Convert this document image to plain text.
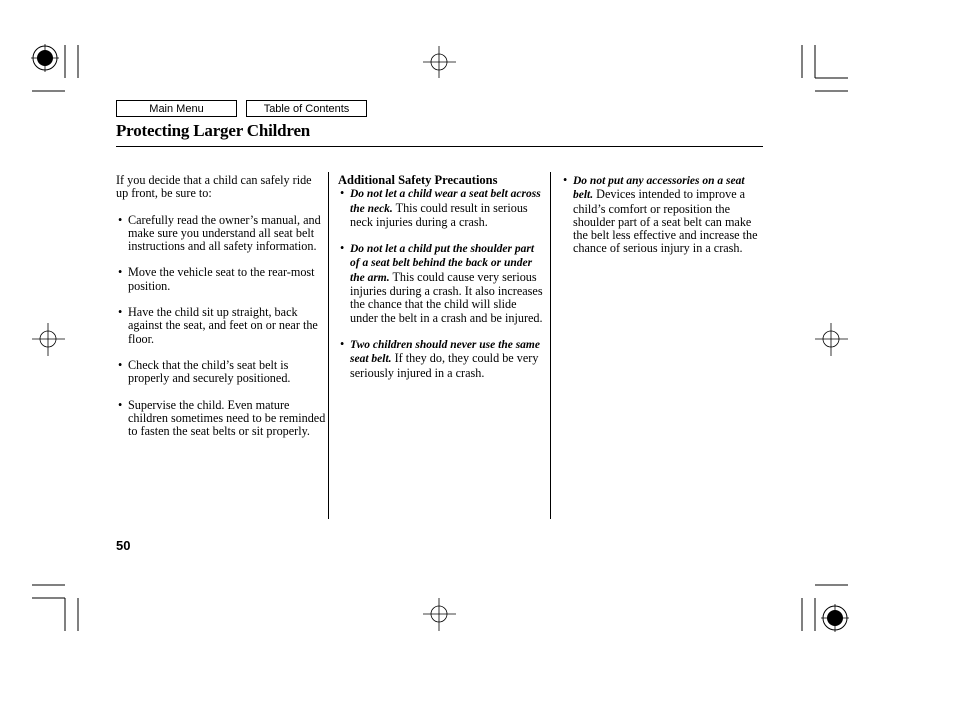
Main Menu	Table of Contents
Protecting Larger Children

If you decide that a child can safely ride up front, be sure to:

• Carefully read the owner’s manual, and make sure you understand all seat belt instructions and all safety information.

• Move the vehicle seat to the rear-most position.

• Have the child sit up straight, back against the seat, and feet on or near the floor.

• Check that the child’s seat belt is properly and securely positioned.

• Supervise the child. Even mature children sometimes need to be reminded to fasten the seat belts or sit properly.

Additional Safety Precautions

• Do not let a child wear a seat belt across the neck. This could result in serious neck injuries during a crash.

• Do not let a child put the shoulder part of a seat belt behind the back or under the arm. This could cause very serious injuries during a crash. It also increases the chance that the child will slide under the belt in a crash and be injured.

• Two children should never use the same seat belt. If they do, they could be very seriously injured in a crash.

• Do not put any accessories on a seat belt. Devices intended to improve a child’s comfort or reposition the shoulder part of a seat belt can make the belt less effective and increase the chance of serious injury in a crash.

50
